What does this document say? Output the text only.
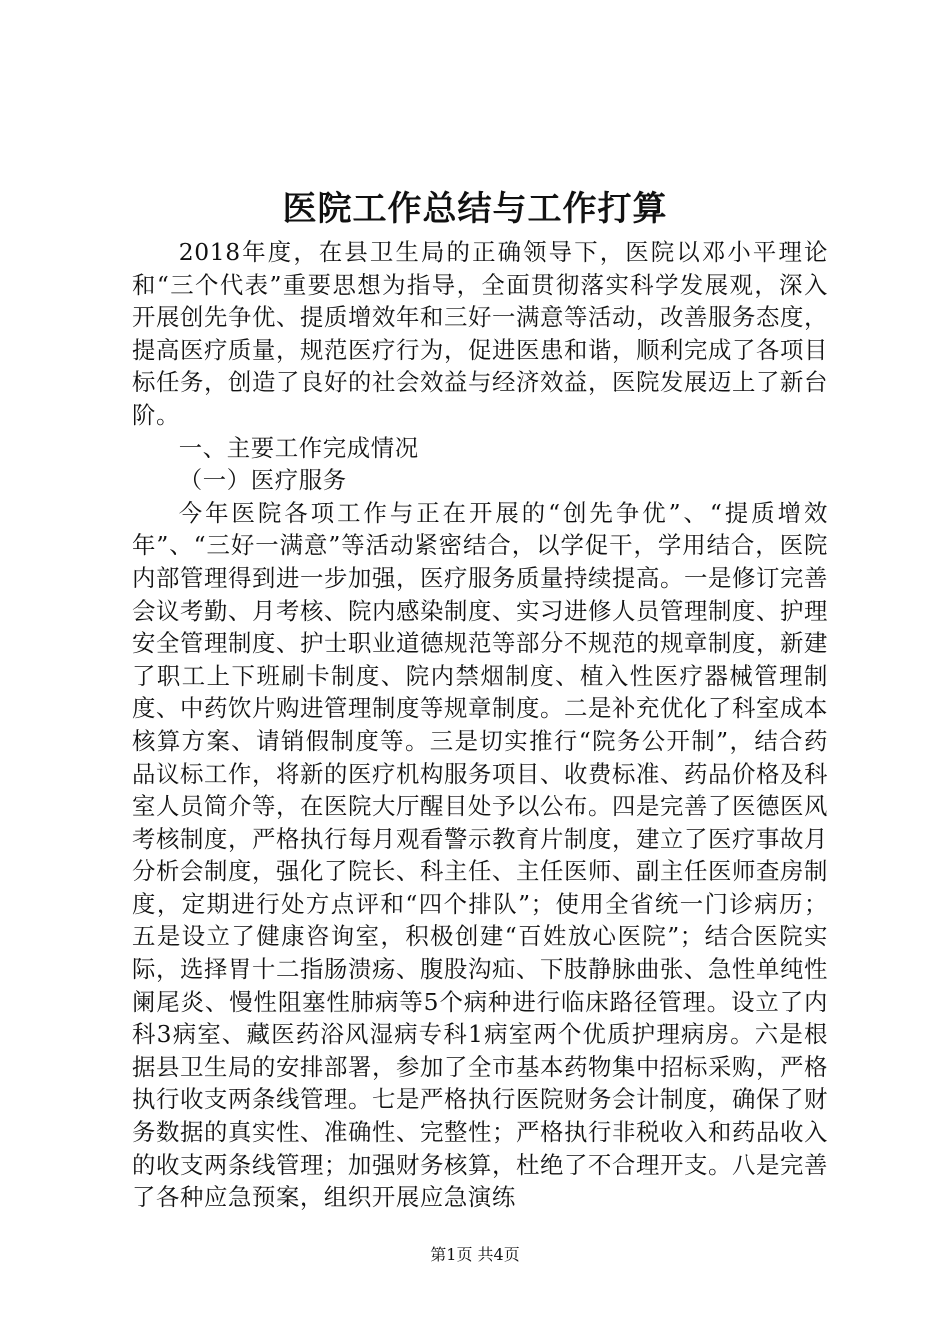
医院工作总结与工作打算

2018年度，在县卫生局的正确领导下，医院以邓小平理论和“三个代表”重要思想为指导，全面贯彻落实科学发展观，深入开展创先争优、提质增效年和三好一满意等活动，改善服务态度，提高医疗质量，规范医疗行为，促进医患和谐，顺利完成了各项目标任务，创造了良好的社会效益与经济效益，医院发展迈上了新台阶。

一、主要工作完成情况

（一）医疗服务

今年医院各项工作与正在开展的“创先争优”、“提质增效年”、“三好一满意”等活动紧密结合，以学促干，学用结合，医院内部管理得到进一步加强，医疗服务质量持续提高。一是修订完善会议考勤、月考核、院内感染制度、实习进修人员管理制度、护理安全管理制度、护士职业道德规范等部分不规范的规章制度，新建了职工上下班刷卡制度、院内禁烟制度、植入性医疗器械管理制度、中药饮片购进管理制度等规章制度。二是补充优化了科室成本核算方案、请销假制度等。三是切实推行“院务公开制”，结合药品议标工作，将新的医疗机构服务项目、收费标准、药品价格及科室人员简介等，在医院大厅醒目处予以公布。四是完善了医德医风考核制度，严格执行每月观看警示教育片制度，建立了医疗事故月分析会制度，强化了院长、科主任、主任医师、副主任医师查房制度，定期进行处方点评和“四个排队”；使用全省统一门诊病历；五是设立了健康咨询室，积极创建“百姓放心医院”；结合医院实际，选择胃十二指肠溃疡、腹股沟疝、下肢静脉曲张、急性单纯性阑尾炎、慢性阻塞性肺病等5个病种进行临床路径管理。设立了内科3病室、藏医药浴风湿病专科1病室两个优质护理病房。六是根据县卫生局的安排部署，参加了全市基本药物集中招标采购，严格执行收支两条线管理。七是严格执行医院财务会计制度，确保了财务数据的真实性、准确性、完整性；严格执行非税收入和药品收入的收支两条线管理；加强财务核算，杜绝了不合理开支。八是完善了各种应急预案，组织开展应急演练

第1页 共4页
